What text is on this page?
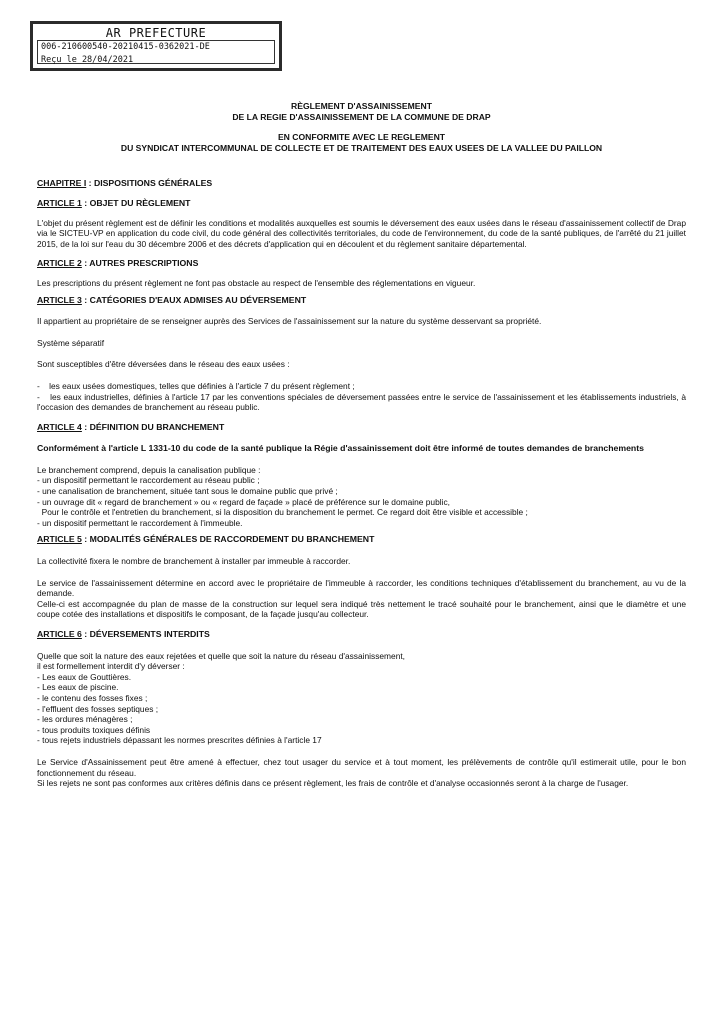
AR PREFECTURE
006-210600540-20210415-0362021-DE
Reçu le 28/04/2021
RÈGLEMENT D'ASSAINISSEMENT
DE LA REGIE D'ASSAINISSEMENT DE LA COMMUNE DE DRAP
EN CONFORMITE AVEC LE REGLEMENT
DU SYNDICAT INTERCOMMUNAL DE COLLECTE ET DE TRAITEMENT DES EAUX USEES DE LA VALLEE DU PAILLON
CHAPITRE I : DISPOSITIONS GÉNÉRALES
ARTICLE 1 : OBJET DU RÈGLEMENT

L'objet du présent règlement est de définir les conditions et modalités auxquelles est soumis le déversement des eaux usées dans le réseau d'assainissement collectif de Drap via le SICTEU-VP en application du code civil, du code général des collectivités territoriales, du code de l'environnement, du code de la santé publiques, de l'arrêté du 21 juillet 2015, de la loi sur l'eau du 30 décembre 2006 et des décrets d'application qui en découlent et du règlement sanitaire départemental.

ARTICLE 2 : AUTRES PRESCRIPTIONS

Les prescriptions du présent règlement ne font pas obstacle au respect de l'ensemble des réglementations en vigueur.

ARTICLE 3 : CATÉGORIES D'EAUX ADMISES AU DÉVERSEMENT

Il appartient au propriétaire de se renseigner auprès des Services de l'assainissement sur la nature du système desservant sa propriété.

Système séparatif

Sont susceptibles d'être déversées dans le réseau des eaux usées :

-    les eaux usées domestiques, telles que définies à l'article 7 du présent règlement ;

-    les eaux industrielles, définies à l'article 17 par les conventions spéciales de déversement passées entre le service de l'assainissement et les établissements industriels, à l'occasion des demandes de branchement au réseau public.
ARTICLE 4 : DÉFINITION DU BRANCHEMENT

Conformément à l'article L 1331-10 du code de la santé publique la Régie d'assainissement doit être informé de toutes demandes de branchements

Le branchement comprend, depuis la canalisation publique :

- un dispositif permettant le raccordement au réseau public ;
- une canalisation de branchement, située tant sous le domaine public que privé ;
- un ouvrage dit « regard de branchement » ou « regard de façade » placé de préférence sur le domaine public,
Pour le contrôle et l'entretien du branchement, si la disposition du branchement le permet. Ce regard doit être visible et accessible ;
- un dispositif permettant le raccordement à l'immeuble.
ARTICLE 5 : MODALITÉS GÉNÉRALES DE RACCORDEMENT DU BRANCHEMENT

La collectivité fixera le nombre de branchement à installer par immeuble à raccorder.

Le service de l'assainissement détermine en accord avec le propriétaire de l'immeuble à raccorder, les conditions techniques d'établissement du branchement, au vu de la demande.

Celle-ci est accompagnée du plan de masse de la construction sur lequel sera indiqué très nettement le tracé souhaité pour le branchement, ainsi que le diamètre et une coupe cotée des installations et dispositifs le composant, de la façade jusqu'au collecteur.
ARTICLE 6 : DÉVERSEMENTS INTERDITS

Quelle que soit la nature des eaux rejetées et quelle que soit la nature du réseau d'assainissement,

il est formellement interdit d'y déverser :
- Les eaux de Gouttières.
- Les eaux de piscine.
- le contenu des fosses fixes ;
- l'effluent des fosses septiques ;
- les ordures ménagères ;
- tous produits toxiques définis
- tous rejets industriels dépassant les normes prescrites définies à l'article 17

Le Service d'Assainissement peut être amené à effectuer, chez tout usager du service et à tout moment, les prélèvements de contrôle qu'il estimerait utile, pour le bon fonctionnement du réseau.

Si les rejets ne sont pas conformes aux critères définis dans ce présent règlement, les frais de contrôle et d'analyse occasionnés seront à la charge de l'usager.
